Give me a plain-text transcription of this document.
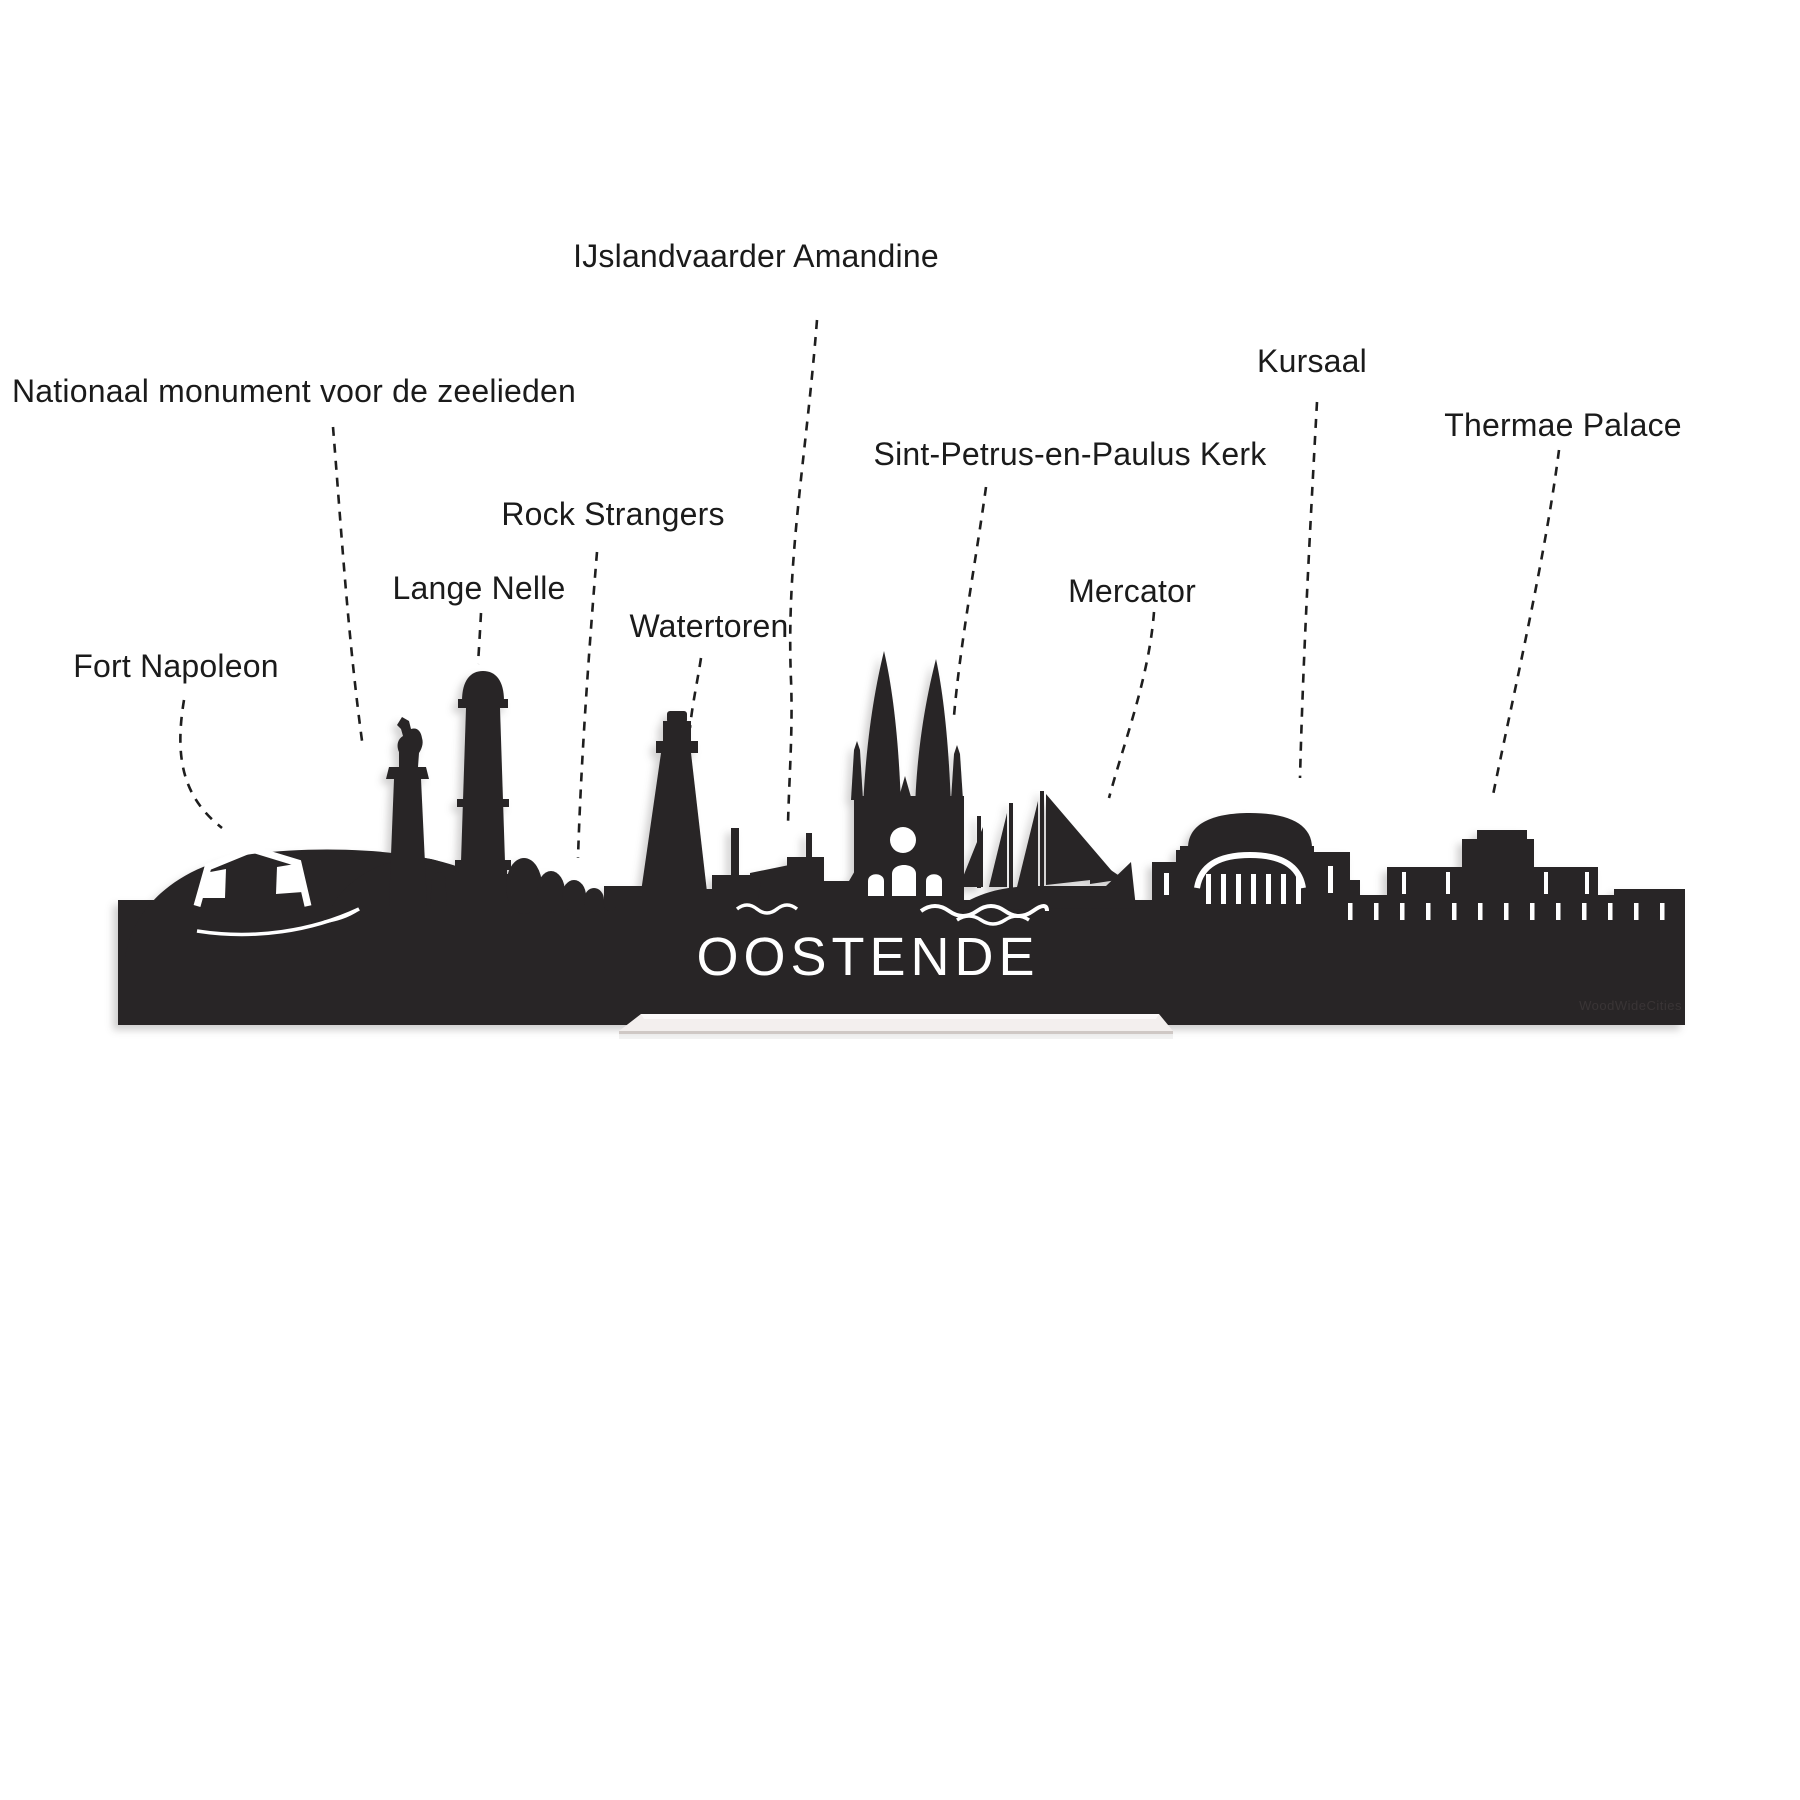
OOSTENDE
WoodWideCities
Fort Napoleon
Nationaal monument voor de zeelieden
Lange Nelle
Rock Strangers
Watertoren
IJslandvaarder Amandine
Sint-Petrus-en-Paulus Kerk
Mercator
Kursaal
Thermae Palace
